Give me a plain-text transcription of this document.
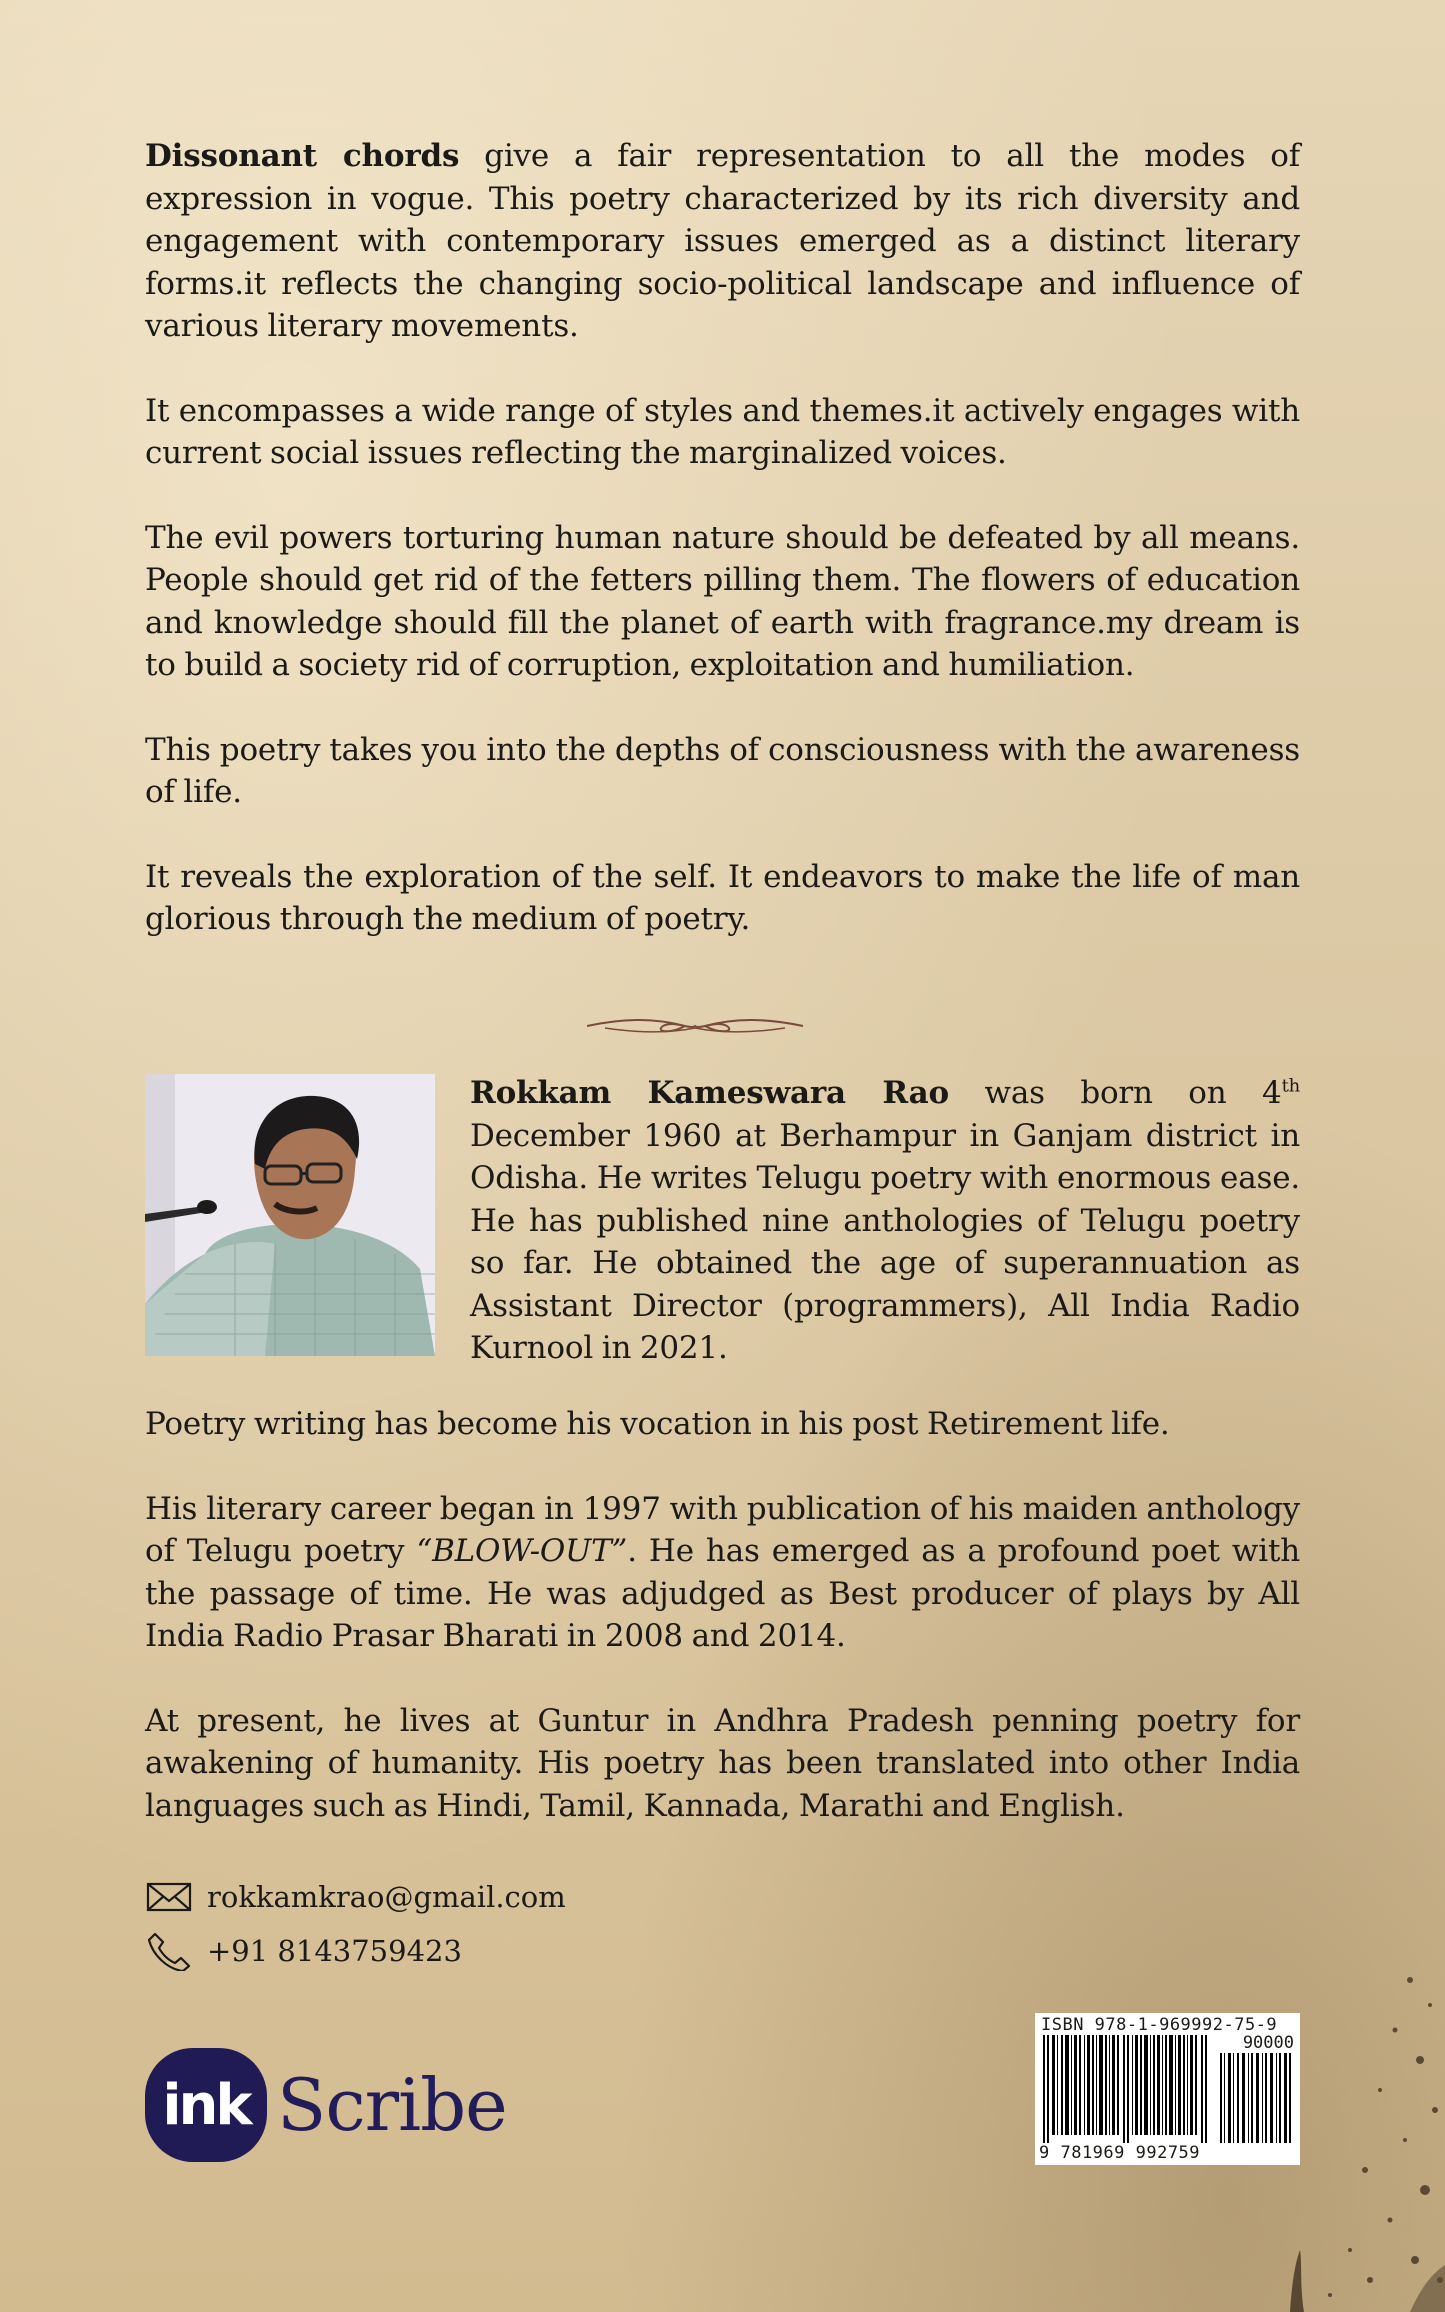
Dissonant chords give a fair representation to all the modes of expression in vogue. This poetry characterized by its rich diversity and engagement with contemporary issues emerged as a distinct literary forms.it reflects the changing socio-political landscape and influence of various literary movements.

It encompasses a wide range of styles and themes.it actively engages with current social issues reflecting the marginalized voices.

The evil powers torturing human nature should be defeated by all means. People should get rid of the fetters pilling them. The flowers of education and knowledge should fill the planet of earth with fragrance.my dream is to build a society rid of corruption, exploitation and humiliation.

This poetry takes you into the depths of consciousness with the awareness of life.

It reveals the exploration of the self. It endeavors to make the life of man glorious through the medium of poetry.

Rokkam Kameswara Rao was born on 4th December 1960 at Berhampur in Ganjam district in Odisha. He writes Telugu poetry with enormous ease. He has published nine anthologies of Telugu poetry so far. He obtained the age of superannuation as Assistant Director (programmers), All India Radio Kurnool in 2021.

Poetry writing has become his vocation in his post Retirement life.

His literary career began in 1997 with publication of his maiden anthology of Telugu poetry “BLOW-OUT”. He has emerged as a profound poet with the passage of time. He was adjudged as Best producer of plays by All India Radio Prasar Bharati in 2008 and 2014.

At present, he lives at Guntur in Andhra Pradesh penning poetry for awakening of humanity. His poetry has been translated into other India languages such as Hindi, Tamil, Kannada, Marathi and English.

rokkamkrao@gmail.com
+91 8143759423
ink Scribe
ISBN 978-1-969992-75-9
90000
9 781969 992759
